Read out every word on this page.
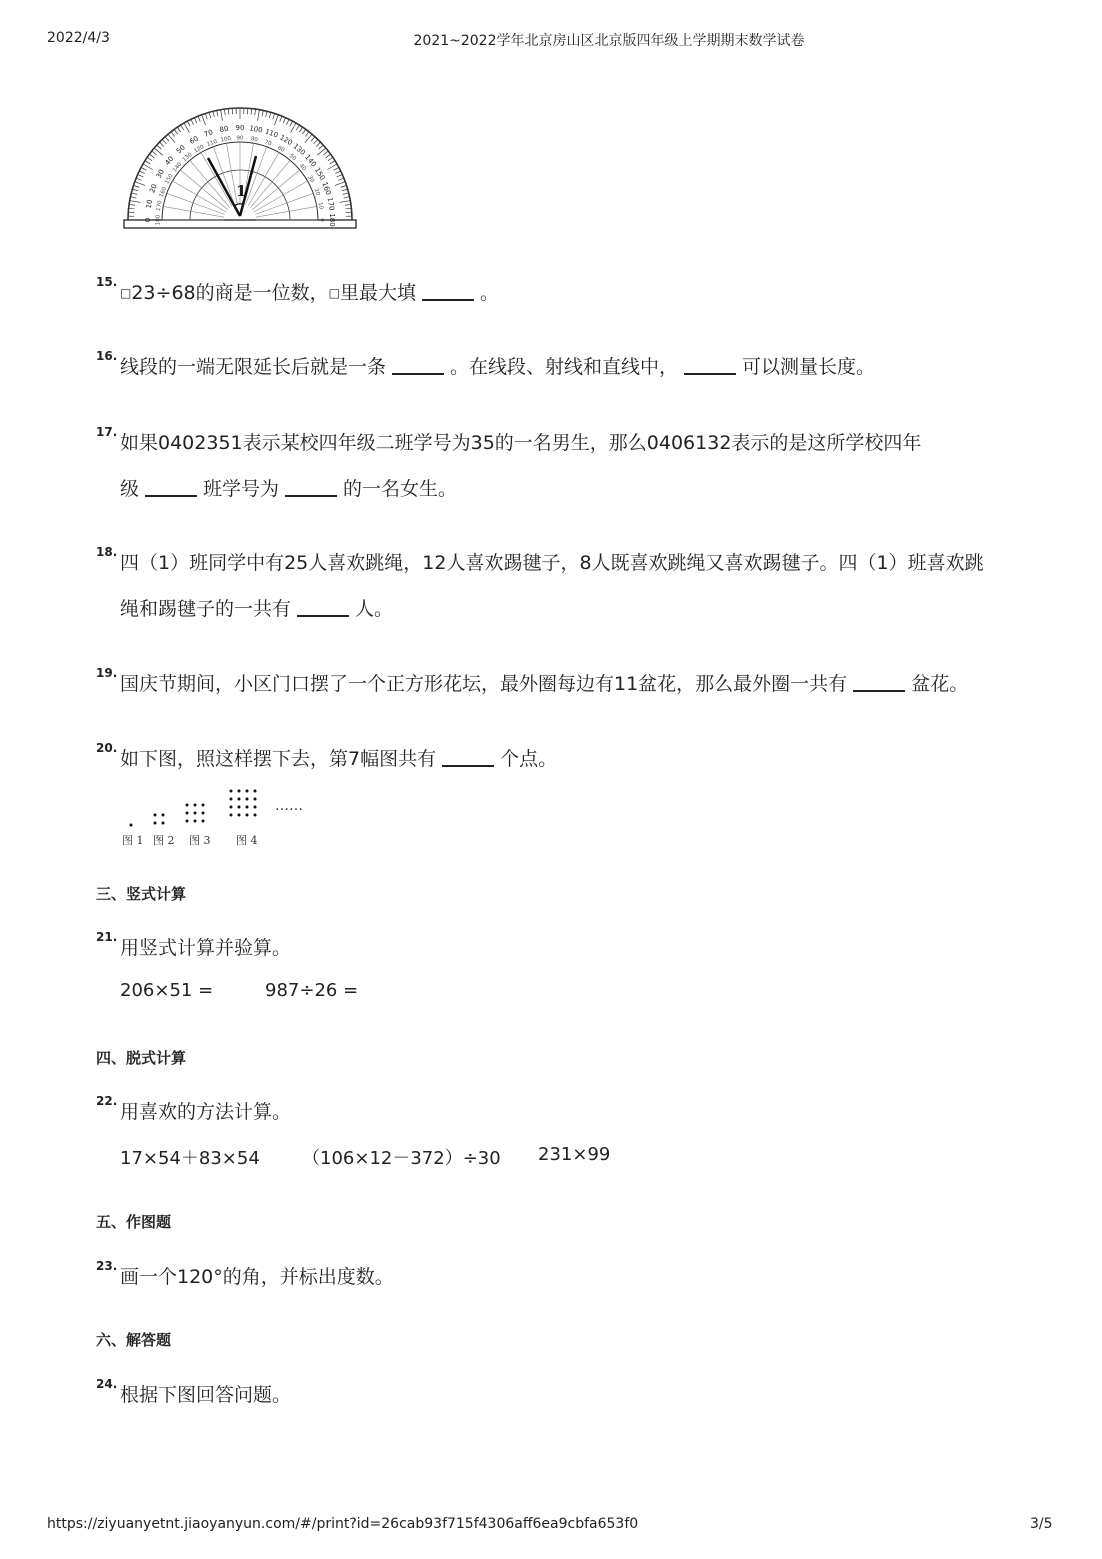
2022/4/3	2021~2022学年北京房山区北京版四年级上学期期末数学试卷
0
10
20
30
40
50
60
70 80 90 100 110 120
130
140
150
160
170
180
180
170
160
150
140
130
120
110 100 90 80 70
60
50
40
30
20
10
0
1
15.
□23÷68的商是一位数，□里最大填	。
16. 线段的一端无限延长后就是一条	。在线段、射线和直线中，	可以测量长度。
17. 如果0402351表示某校四年级二班学号为35的一名男生，那么0406132表示的是这所学校四年
级	班学号为	的一名女生。
18. 四（1）班同学中有25人喜欢跳绳，12人喜欢踢毽子，8人既喜欢跳绳又喜欢踢毽子。四（1）班喜欢跳
绳和踢毽子的一共有	人。
19. 国庆节期间，小区门口摆了一个正方形花坛，最外圈每边有11盆花，那么最外圈一共有	盆花。
20. 如下图，照这样摆下去，第7幅图共有	个点。
图 1 图 2 图 3 图 4
……
三、竖式计算
21. 用竖式计算并验算。
206×51 =	987÷26 =
四、脱式计算
22. 用喜欢的方法计算。
17×54＋83×54 （106×12－372）÷30 231×99
五、作图题
23. 画一个120°的角，并标出度数。
六、解答题
24. 根据下图回答问题。
https://ziyuanyetnt.jiaoyanyun.com/#/print?id=26cab93f715f4306aff6ea9cbfa653f0	3/5
